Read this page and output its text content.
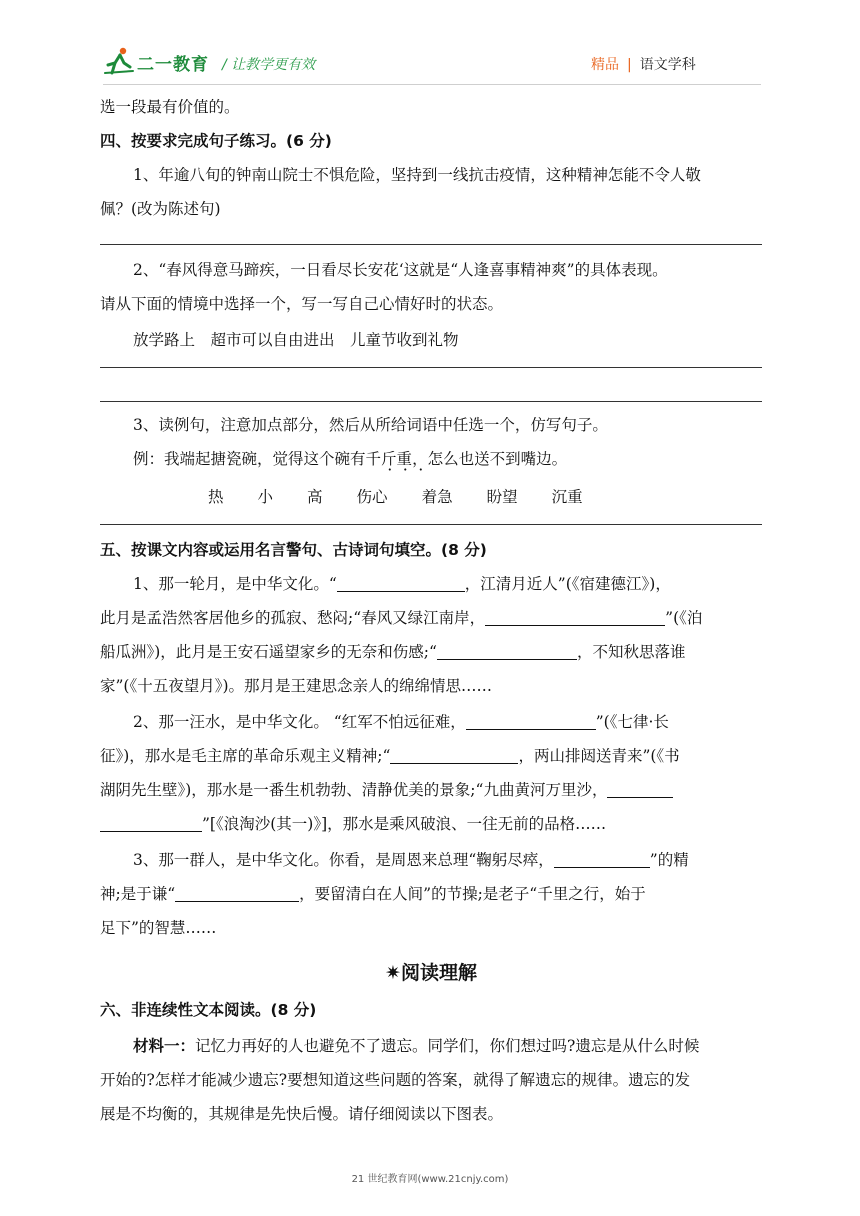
二一教育 / 让教学更有效	精品 | 语文学科

选一段最有价值的。

四、按要求完成句子练习。(6 分)

1、年逾八旬的钟南山院士不惧危险，坚持到一线抗击疫情，这种精神怎能不令人敬

佩？(改为陈述句)

2、“春风得意马蹄疾，一日看尽长安花‘这就是“人逢喜事精神爽”的具体表现。

请从下面的情境中选择一个，写一写自己心情好时的状态。

放学路上　超市可以自由进出　儿童节收到礼物

3、读例句，注意加点部分，然后从所给词语中任选一个，仿写句子。

例：我端起搪瓷碗，觉得这个碗有千斤重，怎么也送不到嘴边。

热 小 高 伤心 着急 盼望 沉重

五、按课文内容或运用名言警句、古诗词句填空。(8 分)

1、那一轮月，是中华文化。“	，江清月近人”(《宿建德江》)，

此月是孟浩然客居他乡的孤寂、愁闷;“春风又绿江南岸，	”(《泊

船瓜洲》)，此月是王安石遥望家乡的无奈和伤感;“	，不知秋思落谁

家”(《十五夜望月》)。那月是王建思念亲人的绵绵情思……

2、那一汪水，是中华文化。 “红军不怕远征难，	”(《七律·长

征》)，那水是毛主席的革命乐观主义精神;“	，两山排闼送青来”(《书

湖阴先生壁》)，那水是一番生机勃勃、清静优美的景象;“九曲黄河万里沙，

”[《浪淘沙(其一)》]，那水是乘风破浪、一往无前的品格……

3、那一群人，是中华文化。你看，是周恩来总理“鞠躬尽瘁，	”的精

神;是于谦“	，要留清白在人间”的节操;是老子“千里之行，始于

足下”的智慧……

✷阅读理解

六、非连续性文本阅读。(8 分)

材料一：记忆力再好的人也避免不了遗忘。同学们，你们想过吗?遗忘是从什么时候

开始的?怎样才能减少遗忘?要想知道这些问题的答案，就得了解遗忘的规律。遗忘的发

展是不均衡的，其规律是先快后慢。请仔细阅读以下图表。

21 世纪教育网(www.21cnjy.com)
